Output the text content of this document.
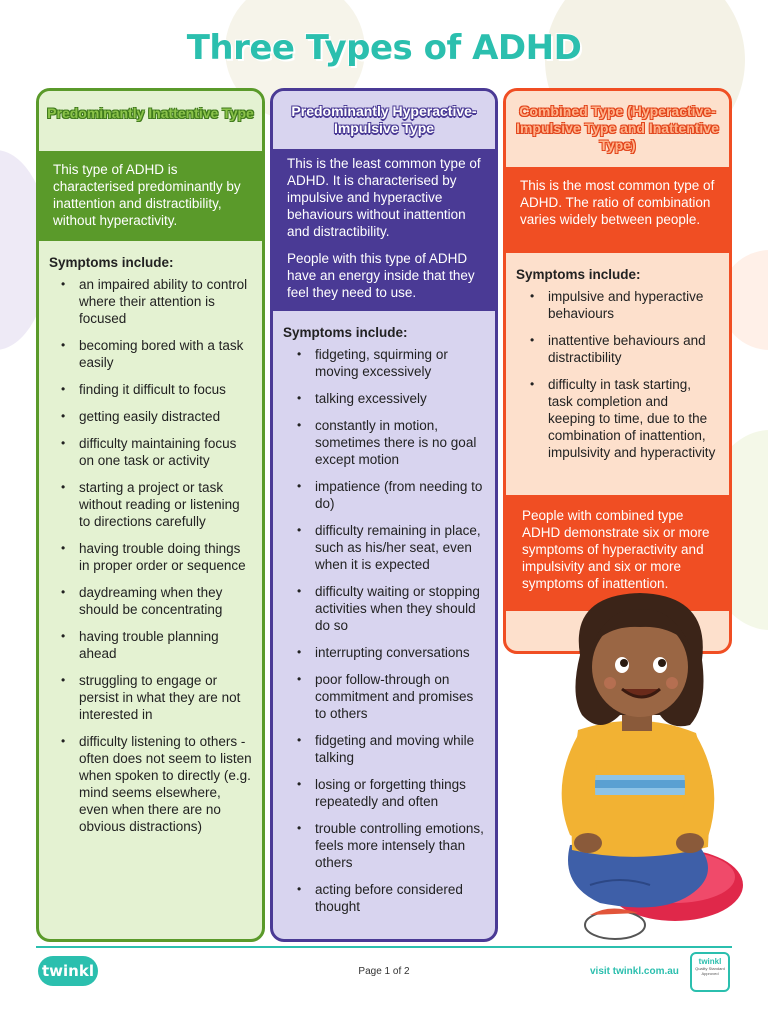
Three Types of ADHD
Predominantly Inattentive Type

This type of ADHD is characterised predominantly by inattention and distractibility, without hyperactivity.

Symptoms include:
• an impaired ability to control where their attention is focused
• becoming bored with a task easily
• finding it difficult to focus
• getting easily distracted
• difficulty maintaining focus on one task or activity
• starting a project or task without reading or listening to directions carefully
• having trouble doing things in proper order or sequence
• daydreaming when they should be concentrating
• having trouble planning ahead
• struggling to engage or persist in what they are not interested in
• difficulty listening to others - often does not seem to listen when spoken to directly (e.g. mind seems elsewhere, even when there are no obvious distractions)
Predominantly Hyperactive-Impulsive Type

This is the least common type of ADHD. It is characterised by impulsive and hyperactive behaviours without inattention and distractibility.

People with this type of ADHD have an energy inside that they feel they need to use.

Symptoms include:
• fidgeting, squirming or moving excessively
• talking excessively
• constantly in motion, sometimes there is no goal except motion
• impatience (from needing to do)
• difficulty remaining in place, such as his/her seat, even when it is expected
• difficulty waiting or stopping activities when they should do so
• interrupting conversations
• poor follow-through on commitment and promises to others
• fidgeting and moving while talking
• losing or forgetting things repeatedly and often
• trouble controlling emotions, feels more intensely than others
• acting before considered thought
Combined Type (Hyperactive-Impulsive Type and Inattentive Type)

This is the most common type of ADHD. The ratio of combination varies widely between people.

Symptoms include:
• impulsive and hyperactive behaviours
• inattentive behaviours and distractibility
• difficulty in task starting, task completion and keeping to time, due to the combination of inattention, impulsivity and hyperactivity
People with combined type ADHD demonstrate six or more symptoms of hyperactivity and impulsivity and six or more symptoms of inattention.
twinkl	Page 1 of 2	visit twinkl.com.au
twinkl
Quality Standard Approved
